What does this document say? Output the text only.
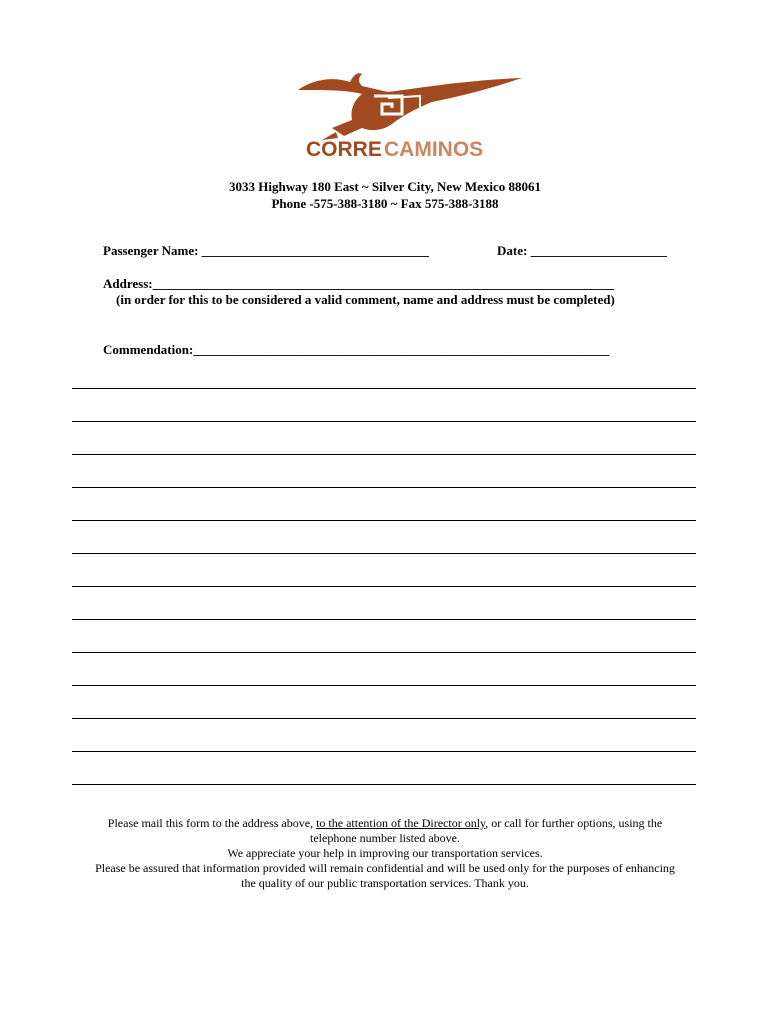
CORRE CAMINOS
3033 Highway 180 East ~ Silver City, New Mexico 88061
Phone -575-388-3180 ~ Fax 575-388-3188
Passenger Name: ___________________________________	Date: _____________________
Address:_______________________________________________________________________
(in order for this to be considered a valid comment, name and address must be completed)
Commendation:________________________________________________________________
Please mail this form to the address above, to the attention of the Director only, or call for further options, using the
telephone number listed above.
We appreciate your help in improving our transportation services.
Please be assured that information provided will remain confidential and will be used only for the purposes of enhancing
the quality of our public transportation services. Thank you.
